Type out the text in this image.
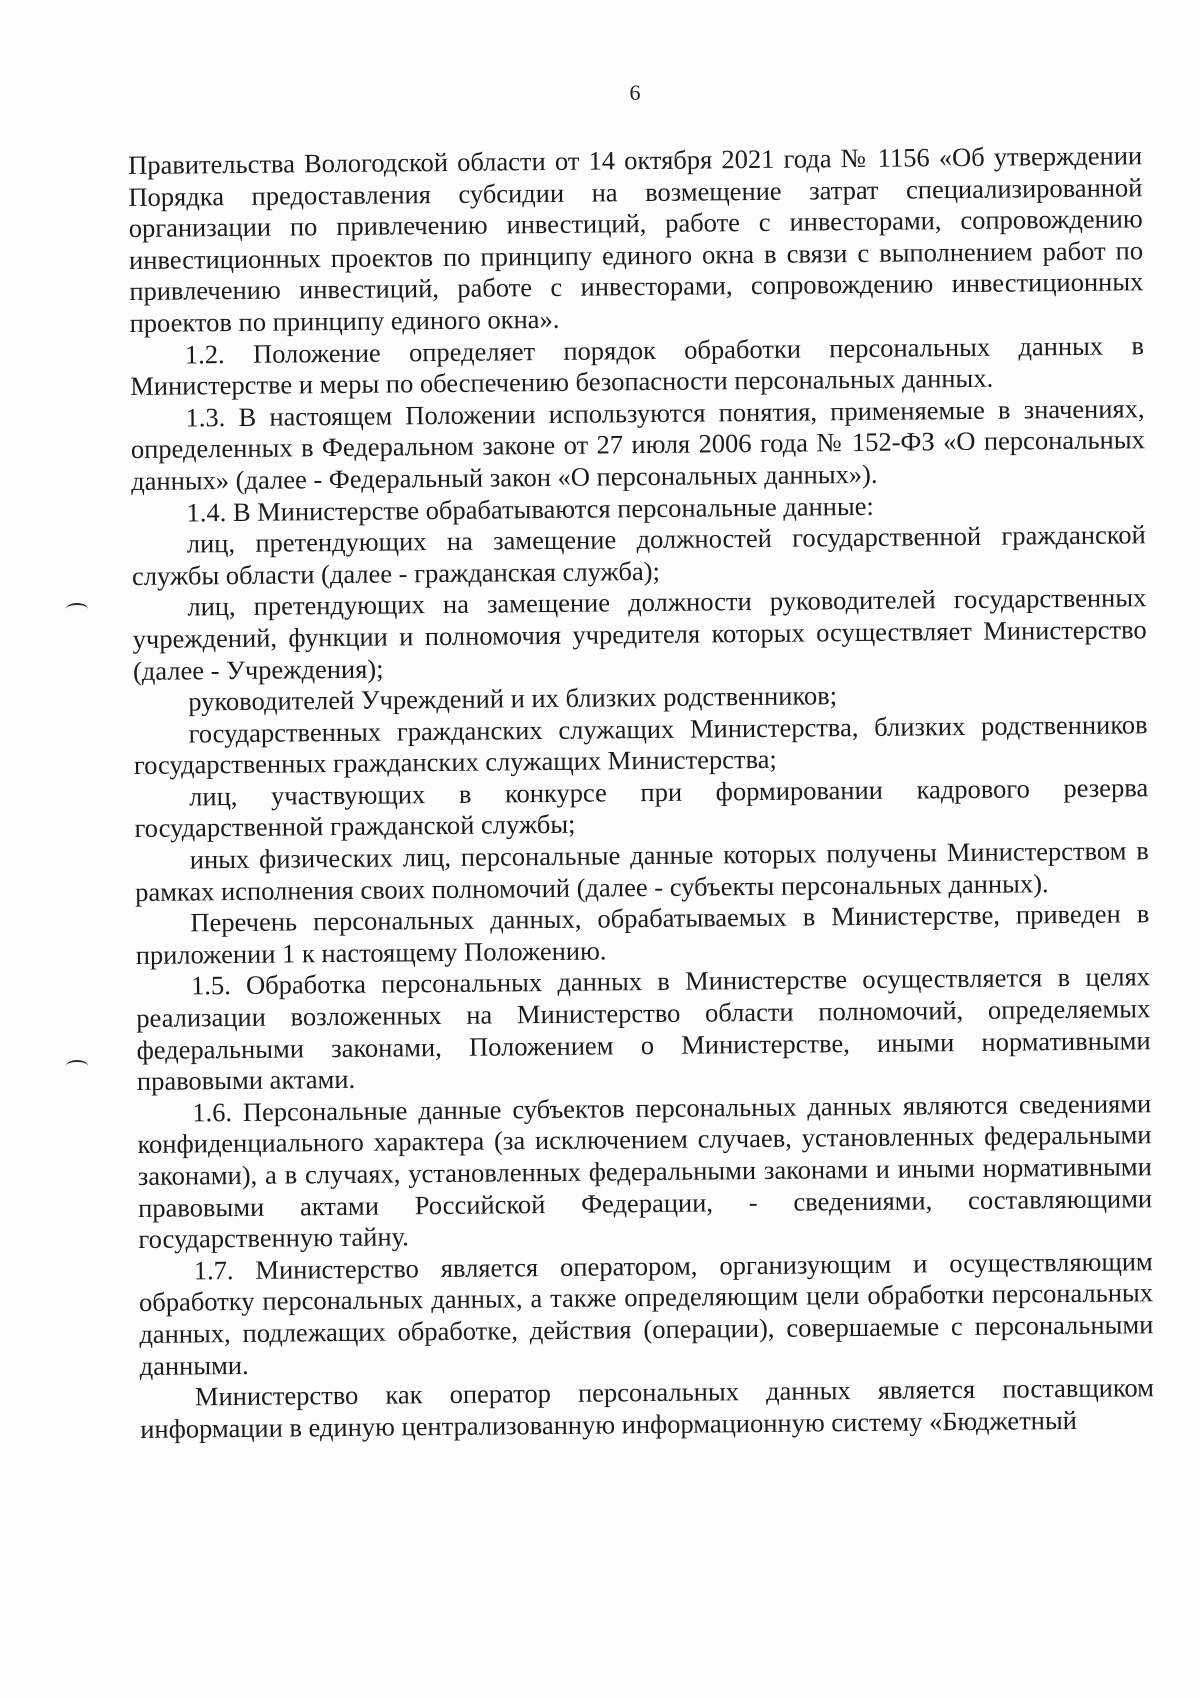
6

Правительства Вологодской области от 14 октября 2021 года № 1156 «Об утверждении Порядка предоставления субсидии на возмещение затрат специализированной организации по привлечению инвестиций, работе с инвесторами, сопровождению инвестиционных проектов по принципу единого окна в связи с выполнением работ по привлечению инвестиций, работе с инвесторами, сопровождению инвестиционных проектов по принципу единого окна».

1.2. Положение определяет порядок обработки персональных данных в Министерстве и меры по обеспечению безопасности персональных данных.

1.3. В настоящем Положении используются понятия, применяемые в значениях, определенных в Федеральном законе от 27 июля 2006 года № 152-ФЗ «О персональных данных» (далее - Федеральный закон «О персональных данных»).

1.4. В Министерстве обрабатываются персональные данные:

лиц, претендующих на замещение должностей государственной гражданской службы области (далее - гражданская служба);

лиц, претендующих на замещение должности руководителей государственных учреждений, функции и полномочия учредителя которых осуществляет Министерство (далее - Учреждения);

руководителей Учреждений и их близких родственников;

государственных гражданских служащих Министерства, близких родственников государственных гражданских служащих Министерства;

лиц, участвующих в конкурсе при формировании кадрового резерва государственной гражданской службы;

иных физических лиц, персональные данные которых получены Министерством в рамках исполнения своих полномочий (далее - субъекты персональных данных).

Перечень персональных данных, обрабатываемых в Министерстве, приведен в приложении 1 к настоящему Положению.

1.5. Обработка персональных данных в Министерстве осуществляется в целях реализации возложенных на Министерство области полномочий, определяемых федеральными законами, Положением о Министерстве, иными нормативными правовыми актами.

1.6. Персональные данные субъектов персональных данных являются сведениями конфиденциального характера (за исключением случаев, установленных федеральными законами), а в случаях, установленных федеральными законами и иными нормативными правовыми актами Российской Федерации, - сведениями, составляющими государственную тайну.

1.7. Министерство является оператором, организующим и осуществляющим обработку персональных данных, а также определяющим цели обработки персональных данных, подлежащих обработке, действия (операции), совершаемые с персональными данными.

Министерство как оператор персональных данных является поставщиком информации в единую централизованную информационную систему «Бюджетный
